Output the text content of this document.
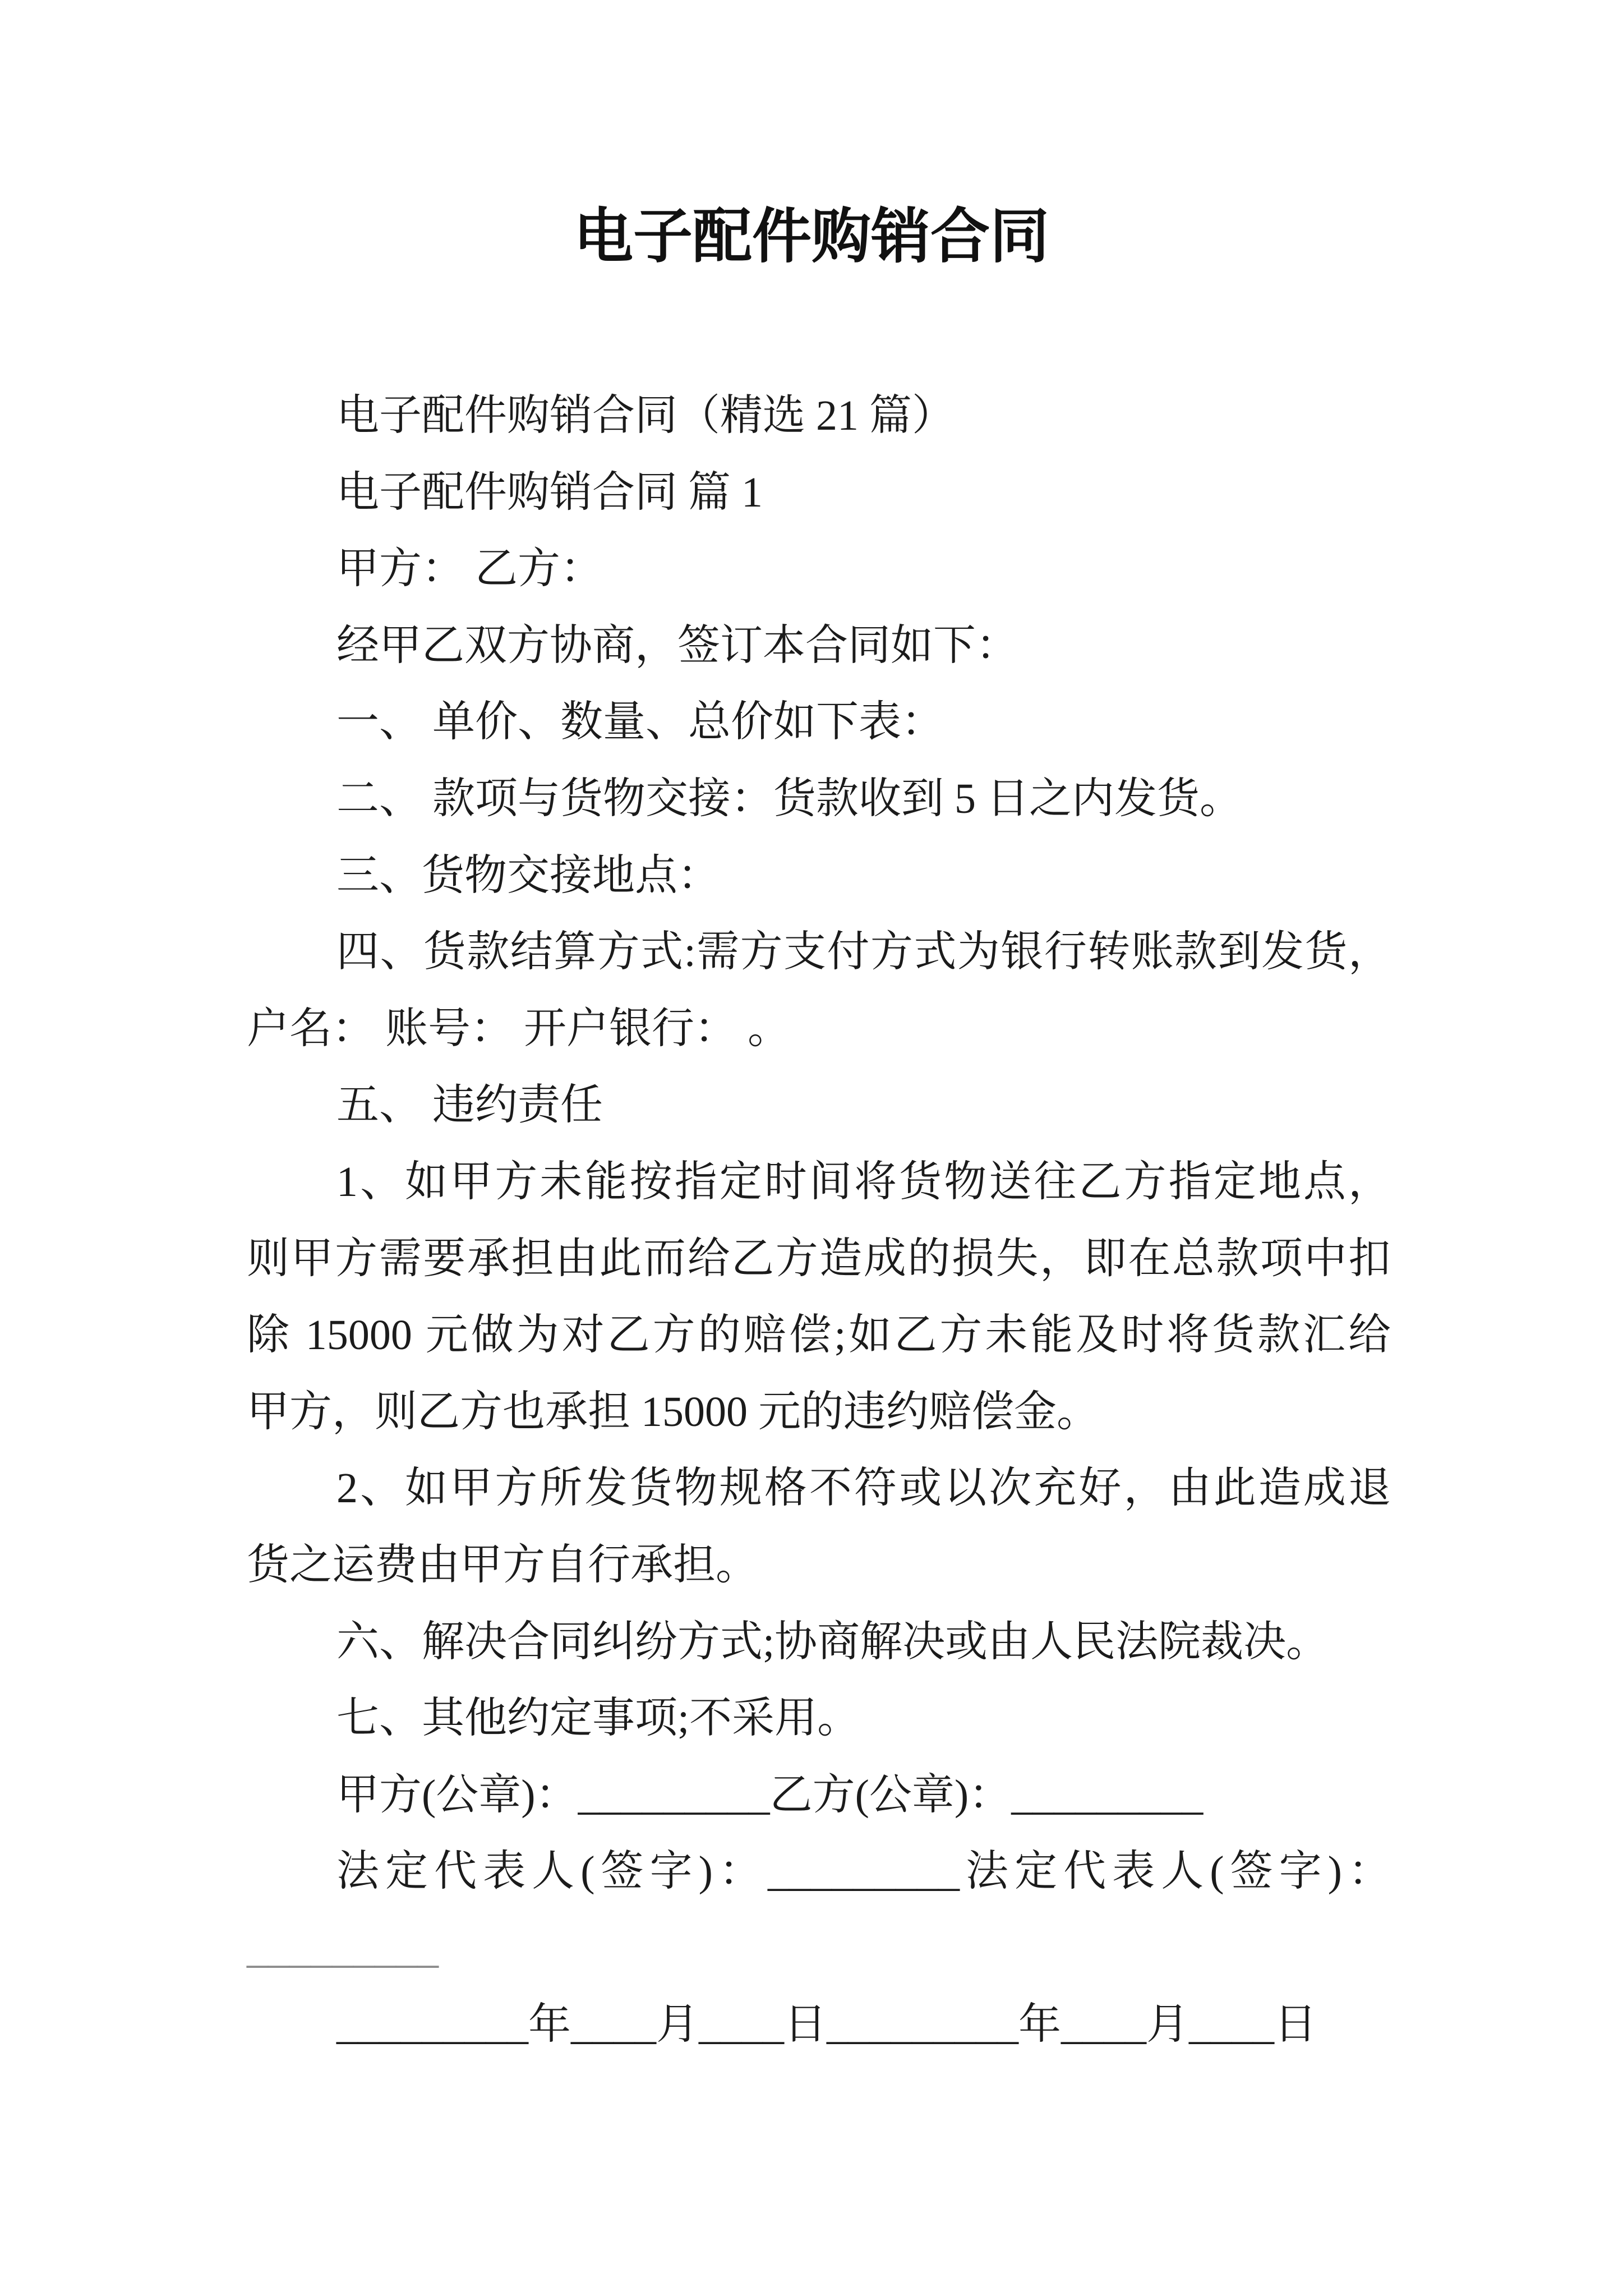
电子配件购销合同
电子配件购销合同（精选 21 篇）
电子配件购销合同 篇 1
甲方： 乙方：
经甲乙双方协商，签订本合同如下：
一、 单价、数量、总价如下表：
二、 款项与货物交接：货款收到 5 日之内发货。
三、货物交接地点：
四、货款结算方式:需方支付方式为银行转账款到发货，
户名： 账号： 开户银行： 。
五、 违约责任
1、如甲方未能按指定时间将货物送往乙方指定地点，
则甲方需要承担由此而给乙方造成的损失，即在总款项中扣
除 15000 元做为对乙方的赔偿;如乙方未能及时将货款汇给
甲方，则乙方也承担 15000 元的违约赔偿金。
2、如甲方所发货物规格不符或以次充好，由此造成退
货之运费由甲方自行承担。
六、解决合同纠纷方式;协商解决或由人民法院裁决。
七、其他约定事项;不采用。
甲方(公章)：_________乙方(公章)：_________
法定代表人(签字)：_________法定代表人(签字)：
_________
_________年____月____日_________年____月____日
